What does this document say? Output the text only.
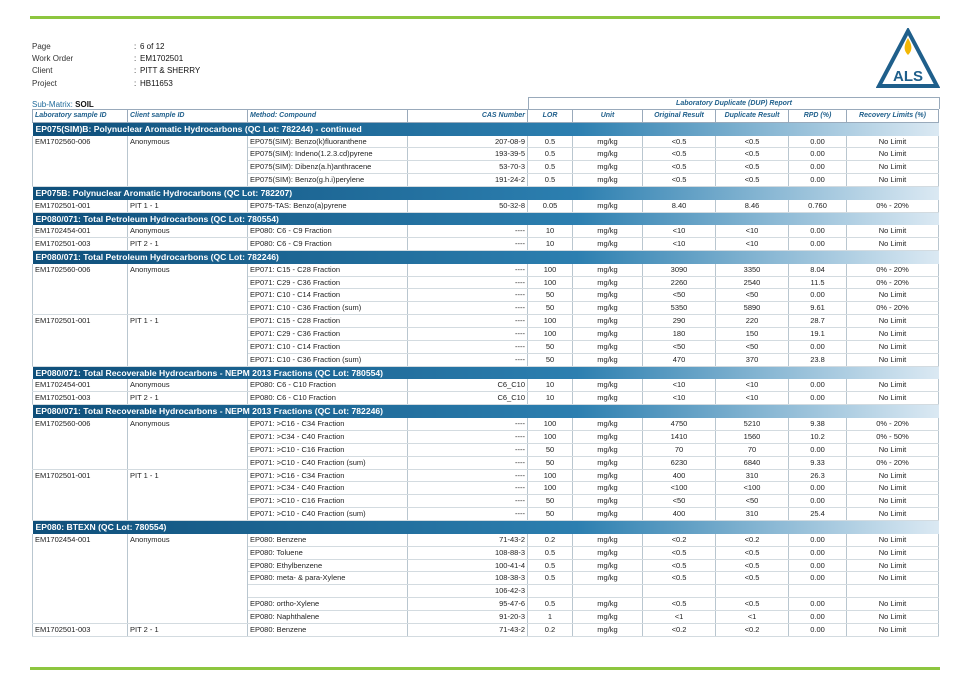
Page	: 6 of 12
Work Order	: EM1702501
Client	: PITT & SHERRY
Project	: HB11653	ALS
Sub-Matrix: SOIL	Laboratory Duplicate (DUP) Report
Laboratory sample ID	Client sample ID	Method: Compound	CAS Number	LOR	Unit	Original Result	Duplicate Result	RPD (%)	Recovery Limits (%)
EP075(SIM)B: Polynuclear Aromatic Hydrocarbons (QC Lot: 782244) - continued									
EM1702560-006	Anonymous	EP075(SIM): Benzo(k)fluoranthene	207-08-9	0.5	mg/kg	<0.5	<0.5	0.00	No Limit
		EP075(SIM): Indeno(1.2.3.cd)pyrene	193-39-5	0.5	mg/kg	<0.5	<0.5	0.00	No Limit
		EP075(SIM): Dibenz(a.h)anthracene	53-70-3	0.5	mg/kg	<0.5	<0.5	0.00	No Limit
		EP075(SIM): Benzo(g.h.i)perylene	191-24-2	0.5	mg/kg	<0.5	<0.5	0.00	No Limit
EP075B: Polynuclear Aromatic Hydrocarbons (QC Lot: 782207)									
EM1702501-001	PIT 1 - 1	EP075-TAS: Benzo(a)pyrene	50-32-8	0.05	mg/kg	8.40	8.46	0.760	0% - 20%
EP080/071: Total Petroleum Hydrocarbons (QC Lot: 780554)									
EM1702454-001	Anonymous	EP080: C6 - C9 Fraction	----	10	mg/kg	<10	<10	0.00	No Limit
EM1702501-003	PIT 2 - 1	EP080: C6 - C9 Fraction	----	10	mg/kg	<10	<10	0.00	No Limit
EP080/071: Total Petroleum Hydrocarbons (QC Lot: 782246)									
EM1702560-006	Anonymous	EP071: C15 - C28 Fraction	----	100	mg/kg	3090	3350	8.04	0% - 20%
		EP071: C29 - C36 Fraction	----	100	mg/kg	2260	2540	11.5	0% - 20%
		EP071: C10 - C14 Fraction	----	50	mg/kg	<50	<50	0.00	No Limit
		EP071: C10 - C36 Fraction (sum)	----	50	mg/kg	5350	5890	9.61	0% - 20%
EM1702501-001	PIT 1 - 1	EP071: C15 - C28 Fraction	----	100	mg/kg	290	220	28.7	No Limit
		EP071: C29 - C36 Fraction	----	100	mg/kg	180	150	19.1	No Limit
		EP071: C10 - C14 Fraction	----	50	mg/kg	<50	<50	0.00	No Limit
		EP071: C10 - C36 Fraction (sum)	----	50	mg/kg	470	370	23.8	No Limit
EP080/071: Total Recoverable Hydrocarbons - NEPM 2013 Fractions (QC Lot: 780554)									
EM1702454-001	Anonymous	EP080: C6 - C10 Fraction	C6_C10	10	mg/kg	<10	<10	0.00	No Limit
EM1702501-003	PIT 2 - 1	EP080: C6 - C10 Fraction	C6_C10	10	mg/kg	<10	<10	0.00	No Limit
EP080/071: Total Recoverable Hydrocarbons - NEPM 2013 Fractions (QC Lot: 782246)									
EM1702560-006	Anonymous	EP071: >C16 - C34 Fraction	----	100	mg/kg	4750	5210	9.38	0% - 20%
		EP071: >C34 - C40 Fraction	----	100	mg/kg	1410	1560	10.2	0% - 50%
		EP071: >C10 - C16 Fraction	----	50	mg/kg	70	70	0.00	No Limit
		EP071: >C10 - C40 Fraction (sum)	----	50	mg/kg	6230	6840	9.33	0% - 20%
EM1702501-001	PIT 1 - 1	EP071: >C16 - C34 Fraction	----	100	mg/kg	400	310	26.3	No Limit
		EP071: >C34 - C40 Fraction	----	100	mg/kg	<100	<100	0.00	No Limit
		EP071: >C10 - C16 Fraction	----	50	mg/kg	<50	<50	0.00	No Limit
		EP071: >C10 - C40 Fraction (sum)	----	50	mg/kg	400	310	25.4	No Limit
EP080: BTEXN (QC Lot: 780554)									
EM1702454-001	Anonymous	EP080: Benzene	71-43-2	0.2	mg/kg	<0.2	<0.2	0.00	No Limit
		EP080: Toluene	108-88-3	0.5	mg/kg	<0.5	<0.5	0.00	No Limit
		EP080: Ethylbenzene	100-41-4	0.5	mg/kg	<0.5	<0.5	0.00	No Limit
		EP080: meta- & para-Xylene	108-38-3	0.5	mg/kg	<0.5	<0.5	0.00	No Limit
			106-42-3						
		EP080: ortho-Xylene	95-47-6	0.5	mg/kg	<0.5	<0.5	0.00	No Limit
		EP080: Naphthalene	91-20-3	1	mg/kg	<1	<1	0.00	No Limit
EM1702501-003	PIT 2 - 1	EP080: Benzene	71-43-2	0.2	mg/kg	<0.2	<0.2	0.00	No Limit
